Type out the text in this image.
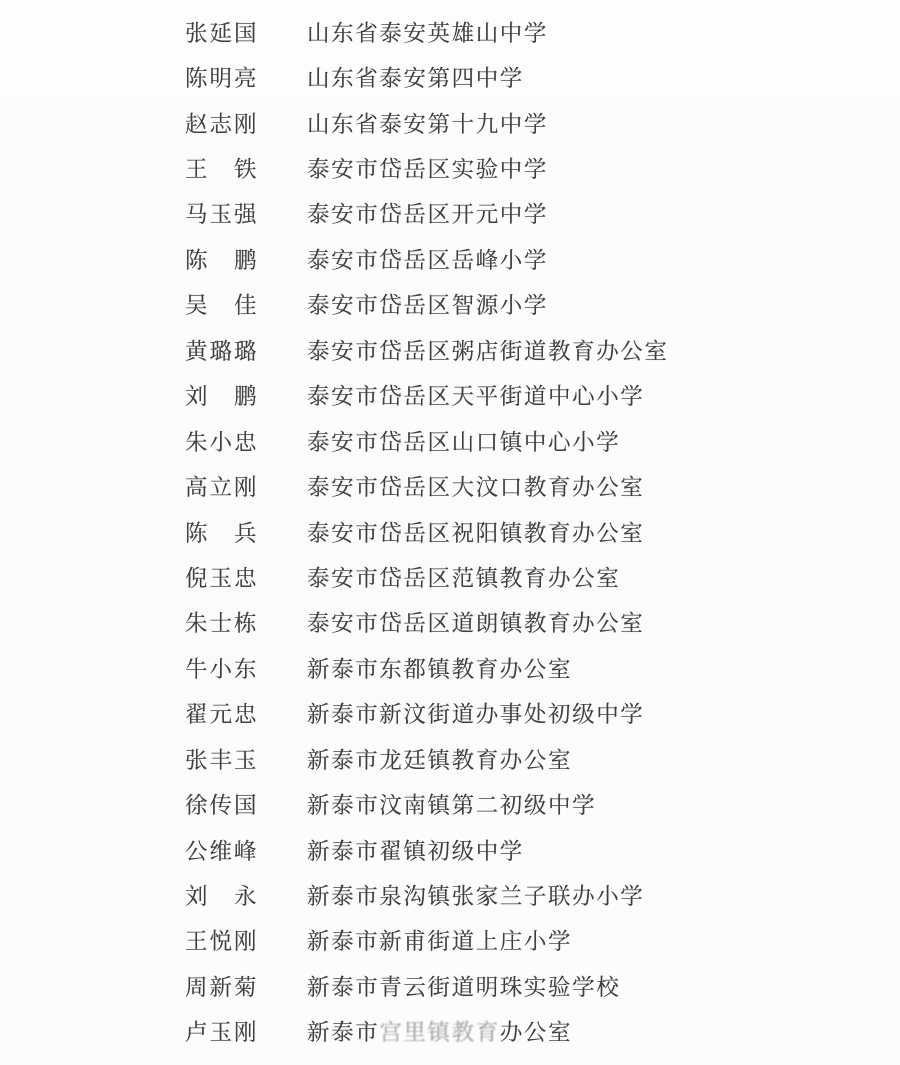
张延国	山东省泰安英雄山中学
陈明亮	山东省泰安第四中学
赵志刚	山东省泰安第十九中学
王　铁	泰安市岱岳区实验中学
马玉强	泰安市岱岳区开元中学
陈　鹏	泰安市岱岳区岳峰小学
吴　佳	泰安市岱岳区智源小学
黄璐璐	泰安市岱岳区粥店街道教育办公室
刘　鹏	泰安市岱岳区天平街道中心小学
朱小忠	泰安市岱岳区山口镇中心小学
高立刚	泰安市岱岳区大汶口教育办公室
陈　兵	泰安市岱岳区祝阳镇教育办公室
倪玉忠	泰安市岱岳区范镇教育办公室
朱士栋	泰安市岱岳区道朗镇教育办公室
牛小东	新泰市东都镇教育办公室
翟元忠	新泰市新汶街道办事处初级中学
张丰玉	新泰市龙廷镇教育办公室
徐传国	新泰市汶南镇第二初级中学
公维峰	新泰市翟镇初级中学
刘　永	新泰市泉沟镇张家兰子联办小学
王悦刚	新泰市新甫街道上庄小学
周新菊	新泰市青云街道明珠实验学校
卢玉刚	新泰市宫里镇教育办公室
